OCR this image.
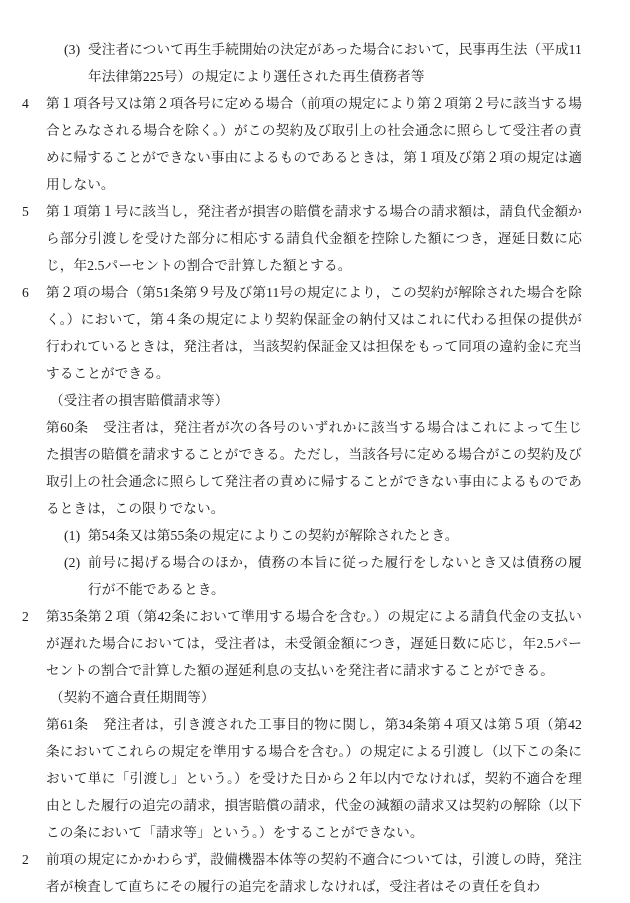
(3) 受注者について再生手続開始の決定があった場合において，民事再生法（平成11年法律第225号）の規定により選任された再生債務者等

4	第１項各号又は第２項各号に定める場合（前項の規定により第２項第２号に該当する場合とみなされる場合を除く。）がこの契約及び取引上の社会通念に照らして受注者の責めに帰することができない事由によるものであるときは，第１項及び第２項の規定は適用しない。

5	第１項第１号に該当し，発注者が損害の賠償を請求する場合の請求額は，請負代金額から部分引渡しを受けた部分に相応する請負代金額を控除した額につき，遅延日数に応じ，年2.5パーセントの割合で計算した額とする。

6	第２項の場合（第51条第９号及び第11号の規定により，この契約が解除された場合を除く。）において，第４条の規定により契約保証金の納付又はこれに代わる担保の提供が行われているときは，発注者は，当該契約保証金又は担保をもって同項の違約金に充当することができる。

（受注者の損害賠償請求等）

第60条 受注者は，発注者が次の各号のいずれかに該当する場合はこれによって生じた損害の賠償を請求することができる。ただし，当該各号に定める場合がこの契約及び取引上の社会通念に照らして発注者の責めに帰することができない事由によるものであるときは，この限りでない。

(1) 第54条又は第55条の規定によりこの契約が解除されたとき。

(2) 前号に掲げる場合のほか，債務の本旨に従った履行をしないとき又は債務の履行が不能であるとき。

2	第35条第２項（第42条において準用する場合を含む。）の規定による請負代金の支払いが遅れた場合においては，受注者は，未受領金額につき，遅延日数に応じ，年2.5パーセントの割合で計算した額の遅延利息の支払いを発注者に請求することができる。

（契約不適合責任期間等）

第61条 発注者は，引き渡された工事目的物に関し，第34条第４項又は第５項（第42条においてこれらの規定を準用する場合を含む。）の規定による引渡し（以下この条において単に「引渡し」という。）を受けた日から２年以内でなければ，契約不適合を理由とした履行の追完の請求，損害賠償の請求，代金の減額の請求又は契約の解除（以下この条において「請求等」という。）をすることができない。

2	前項の規定にかかわらず，設備機器本体等の契約不適合については，引渡しの時，発注者が検査して直ちにその履行の追完を請求しなければ，受注者はその責任を負わ
